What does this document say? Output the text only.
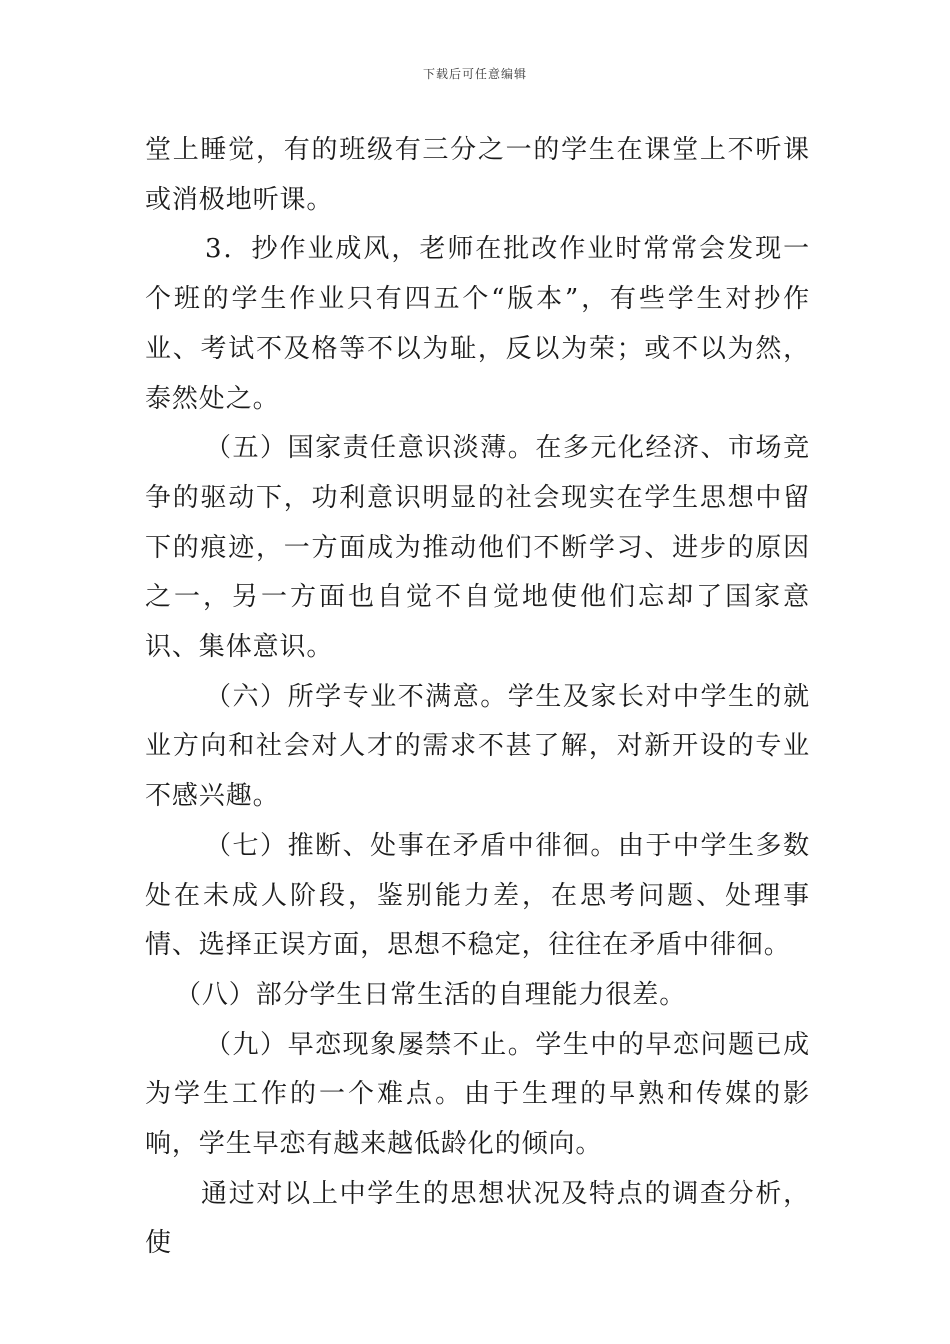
下载后可任意编辑

堂上睡觉，有的班级有三分之一的学生在课堂上不听课或消极地听课。

3．抄作业成风，老师在批改作业时常常会发现一个班的学生作业只有四五个“版本”，有些学生对抄作业、考试不及格等不以为耻，反以为荣；或不以为然，泰然处之。

（五）国家责任意识淡薄。在多元化经济、市场竞争的驱动下，功利意识明显的社会现实在学生思想中留下的痕迹，一方面成为推动他们不断学习、进步的原因之一，另一方面也自觉不自觉地使他们忘却了国家意识、集体意识。

（六）所学专业不满意。学生及家长对中学生的就业方向和社会对人才的需求不甚了解，对新开设的专业不感兴趣。

（七）推断、处事在矛盾中徘徊。由于中学生多数处在未成人阶段，鉴别能力差，在思考问题、处理事情、选择正误方面，思想不稳定，往往在矛盾中徘徊。

（八）部分学生日常生活的自理能力很差。

（九）早恋现象屡禁不止。学生中的早恋问题已成为学生工作的一个难点。由于生理的早熟和传媒的影响，学生早恋有越来越低龄化的倾向。

通过对以上中学生的思想状况及特点的调查分析，使
